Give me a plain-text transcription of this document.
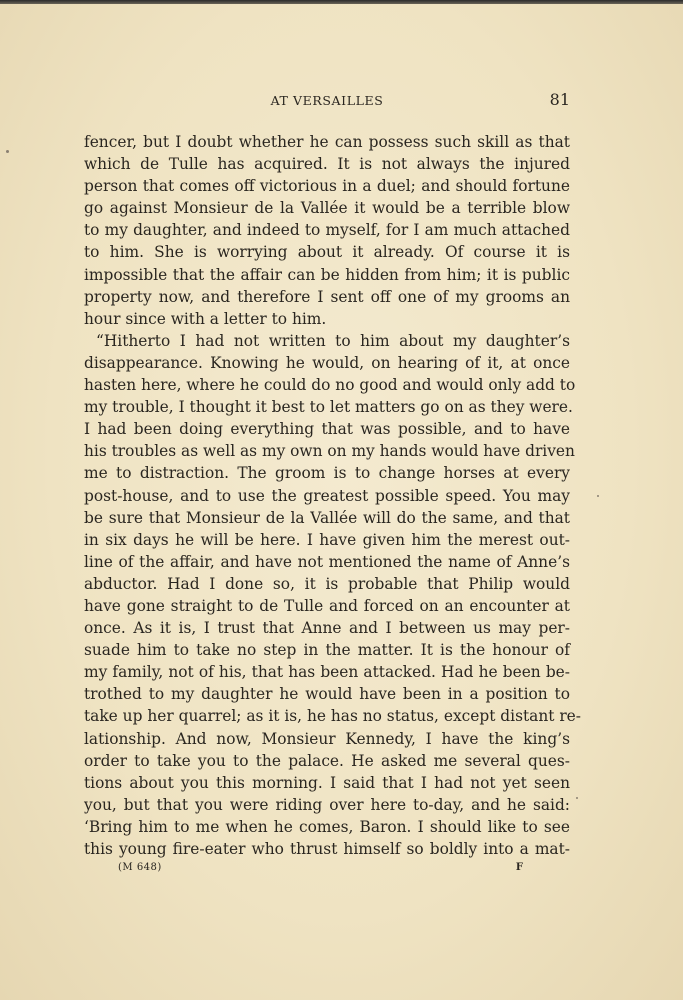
AT VERSAILLES	81
fencer, but I doubt whether he can possess such skill as that
which de Tulle has acquired. It is not always the injured
person that comes off victorious in a duel; and should fortune
go against Monsieur de la Vallée it would be a terrible blow
to my daughter, and indeed to myself, for I am much attached
to him. She is worrying about it already. Of course it is
impossible that the affair can be hidden from him; it is public
property now, and therefore I sent off one of my grooms an
hour since with a letter to him.
“Hitherto I had not written to him about my daughter’s
disappearance. Knowing he would, on hearing of it, at once
hasten here, where he could do no good and would only add to
my trouble, I thought it best to let matters go on as they were.
I had been doing everything that was possible, and to have
his troubles as well as my own on my hands would have driven
me to distraction. The groom is to change horses at every
post-house, and to use the greatest possible speed. You may
be sure that Monsieur de la Vallée will do the same, and that
in six days he will be here. I have given him the merest out-
line of the affair, and have not mentioned the name of Anne’s
abductor. Had I done so, it is probable that Philip would
have gone straight to de Tulle and forced on an encounter at
once. As it is, I trust that Anne and I between us may per-
suade him to take no step in the matter. It is the honour of
my family, not of his, that has been attacked. Had he been be-
trothed to my daughter he would have been in a position to
take up her quarrel; as it is, he has no status, except distant re-
lationship. And now, Monsieur Kennedy, I have the king’s
order to take you to the palace. He asked me several ques-
tions about you this morning. I said that I had not yet seen
you, but that you were riding over here to-day, and he said:
‘Bring him to me when he comes, Baron. I should like to see
this young fire-eater who thrust himself so boldly into a mat-
(M 648)	F
